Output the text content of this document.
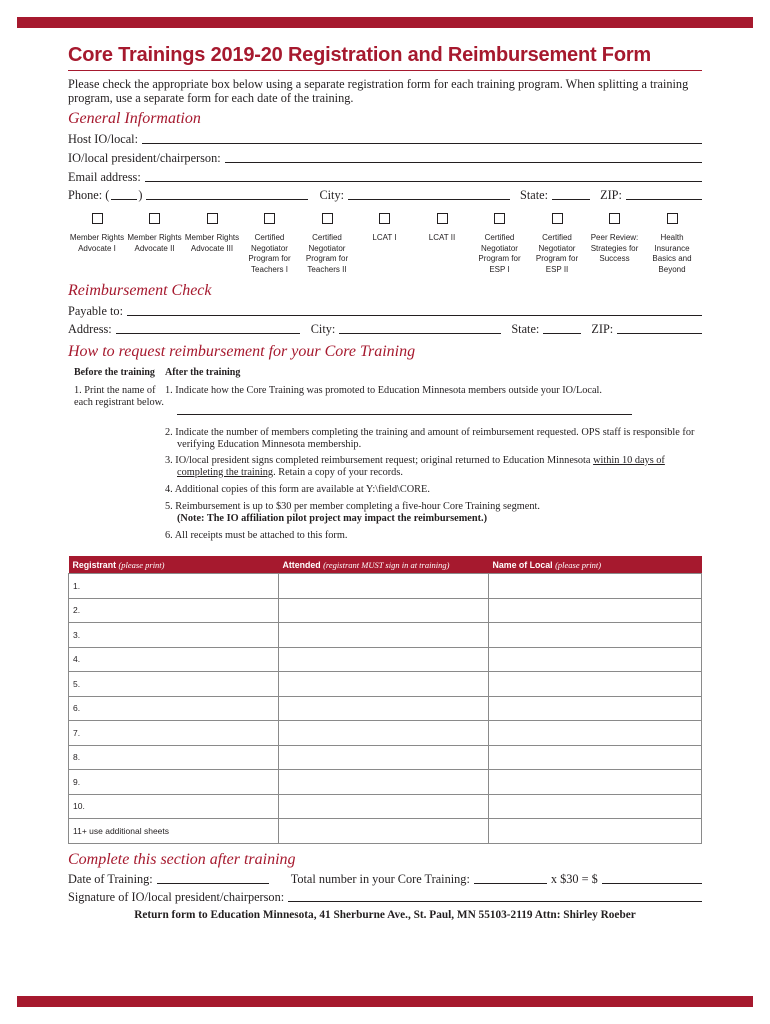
Core Trainings 2019-20 Registration and Reimbursement Form
Please check the appropriate box below using a separate registration form for each training program. When splitting a training program, use a separate form for each date of the training.
General Information
Host IO/local:
IO/local president/chairperson:
Email address:
Phone: ( )	City:	State:	ZIP:
Member Rights Advocate I
Member Rights Advocate II
Member Rights Advocate III
Certified Negotiator Program for Teachers I
Certified Negotiator Program for Teachers II
LCAT I	LCAT II	Certified Negotiator Program for ESP I
Certified Negotiator Program for ESP II
Peer Review: Strategies for Success
Health Insurance Basics and Beyond
Reimbursement Check
Payable to:
Address:	City:	State:	ZIP:
How to request reimbursement for your Core Training
Before the training After the training
1. Print the name of each registrant below.
1. Indicate how the Core Training was promoted to Education Minnesota members outside your IO/Local.
2. Indicate the number of members completing the training and amount of reimbursement requested. OPS staff is responsible for verifying Education Minnesota membership.
3. IO/local president signs completed reimbursement request; original returned to Education Minnesota within 10 days of completing the training. Retain a copy of your records.
4. Additional copies of this form are available at Y:\field\CORE.
5. Reimbursement is up to $30 per member completing a five-hour Core Training segment.
(Note: The IO affiliation pilot project may impact the reimbursement.)
6. All receipts must be attached to this form.
Registrant (please print)	Attended (registrant MUST sign in at training)	Name of Local (please print)
1.		
2.		
3.		
4.		
5.		
6.		
7.		
8.		
9.		
10.		
11+ use additional sheets		
Complete this section after training
Date of Training:	Total number in your Core Training:	x $30 = $
Signature of IO/local president/chairperson:
Return form to Education Minnesota, 41 Sherburne Ave., St. Paul, MN 55103-2119 Attn: Shirley Roeber
